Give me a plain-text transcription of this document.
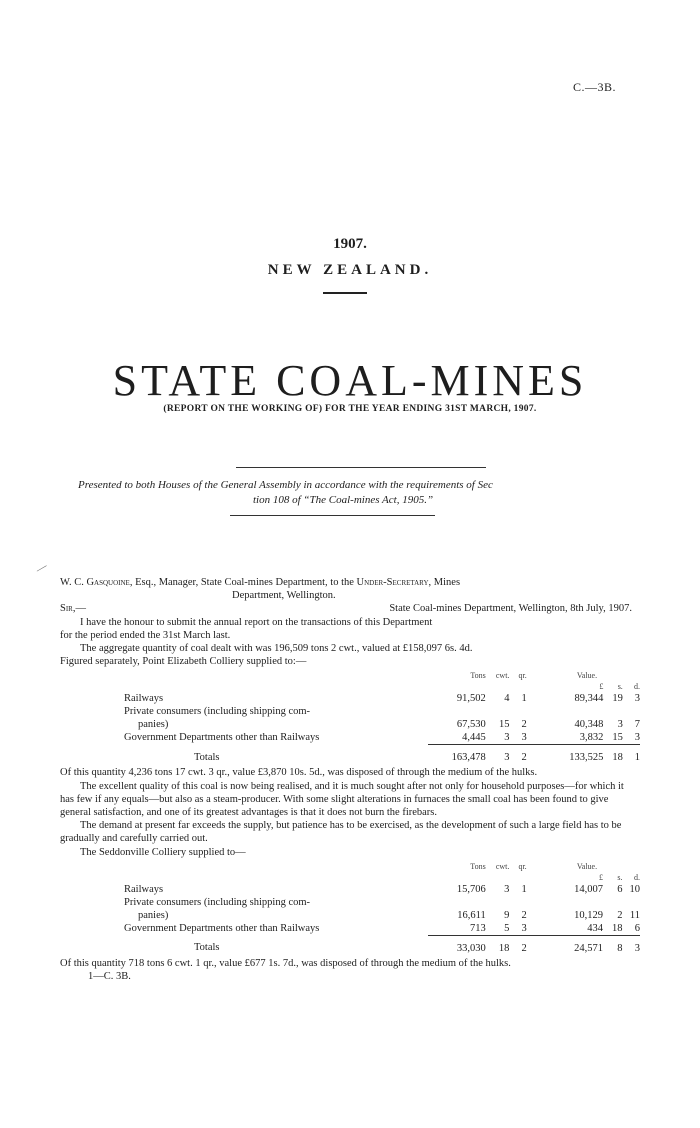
C.—3B.
1907.
NEW ZEALAND.
STATE COAL-MINES
(REPORT ON THE WORKING OF) FOR THE YEAR ENDING 31ST MARCH, 1907.
Presented to both Houses of the General Assembly in accordance with the requirements of Sec
tion 108 of “The Coal-mines Act, 1905.”
—

W. C. Gasquoine, Esq., Manager, State Coal-mines Department, to the Under-Secretary, Mines

Department, Wellington.

Sir,—	State Coal-mines Department, Wellington, 8th July, 1907.

I have the honour to submit the annual report on the transactions of this Department

for the period ended the 31st March last.

The aggregate quantity of coal dealt with was 196,509 tons 2 cwt., valued at £158,097 6s. 4d.

Figured separately, Point Elizabeth Colliery supplied to:—

	Tons	cwt.	qr.		Value.		
					£	s.	d.
Railways	91,502	4	1		89,344	19	3
Private consumers (including shipping com-							

panies)	67,530	15	2		40,348	3	7
Government Departments other than Railways	4,445	3	3		3,832	15	3
Totals	163,478	3	2		133,525	18	1

Of this quantity 4,236 tons 17 cwt. 3 qr., value £3,870 10s. 5d., was disposed of through the medium of the hulks.

The excellent quality of this coal is now being realised, and it is much sought after not only for household purposes—for which it has few if any equals—but also as a steam-producer. With some slight alterations in furnaces the small coal has been found to give general satisfaction, and one of its greatest advantages is that it does not burn the firebars.

The demand at present far exceeds the supply, but patience has to be exercised, as the development of such a large field has to be gradually and carefully carried out.

The Seddonville Colliery supplied to—

	Tons	cwt.	qr.		Value.		
					£	s.	d.
Railways	15,706	3	1		14,007	6	10
Private consumers (including shipping com-							

panies)	16,611	9	2		10,129	2	11
Government Departments other than Railways	713	5	3		434	18	6
Totals	33,030	18	2		24,571	8	3

Of this quantity 718 tons 6 cwt. 1 qr., value £677 1s. 7d., was disposed of through the medium of the hulks.

1—C. 3B.
